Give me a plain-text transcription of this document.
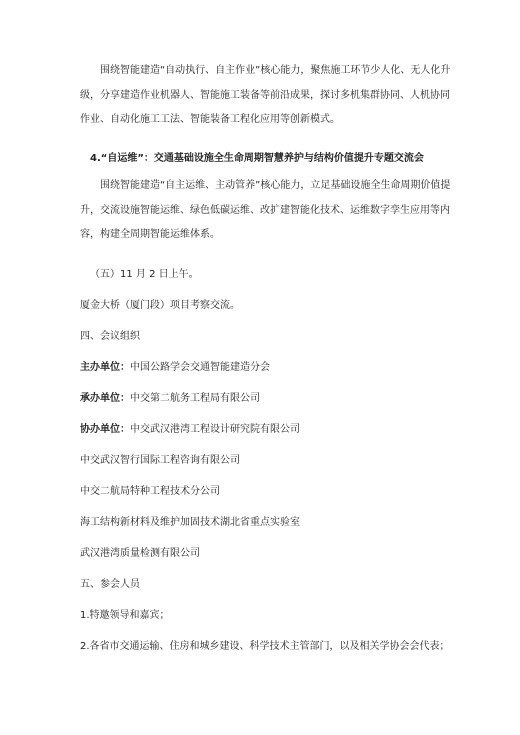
围绕智能建造“自动执行、自主作业”核心能力，聚焦施工环节少人化、无人化升级，分享建造作业机器人、智能施工装备等前沿成果，探讨多机集群协同、人机协同作业、自动化施工工法、智能装备工程化应用等创新模式。
4.“自运维”：交通基础设施全生命周期智慧养护与结构价值提升专题交流会
围绕智能建造“自主运维、主动管养”核心能力，立足基础设施全生命周期价值提升，交流设施智能运维、绿色低碳运维、改扩建智能化技术、运维数字孪生应用等内容，构建全周期智能运维体系。
（五）11 月 2 日上午。
厦金大桥（厦门段）项目考察交流。
四、会议组织
主办单位：中国公路学会交通智能建造分会
承办单位：中交第二航务工程局有限公司
协办单位：中交武汉港湾工程设计研究院有限公司
中交武汉智行国际工程咨询有限公司
中交二航局特种工程技术分公司
海工结构新材料及维护加固技术湖北省重点实验室
武汉港湾质量检测有限公司
五、参会人员
1.特邀领导和嘉宾；
2.各省市交通运输、住房和城乡建设、科学技术主管部门，以及相关学协会会代表；
